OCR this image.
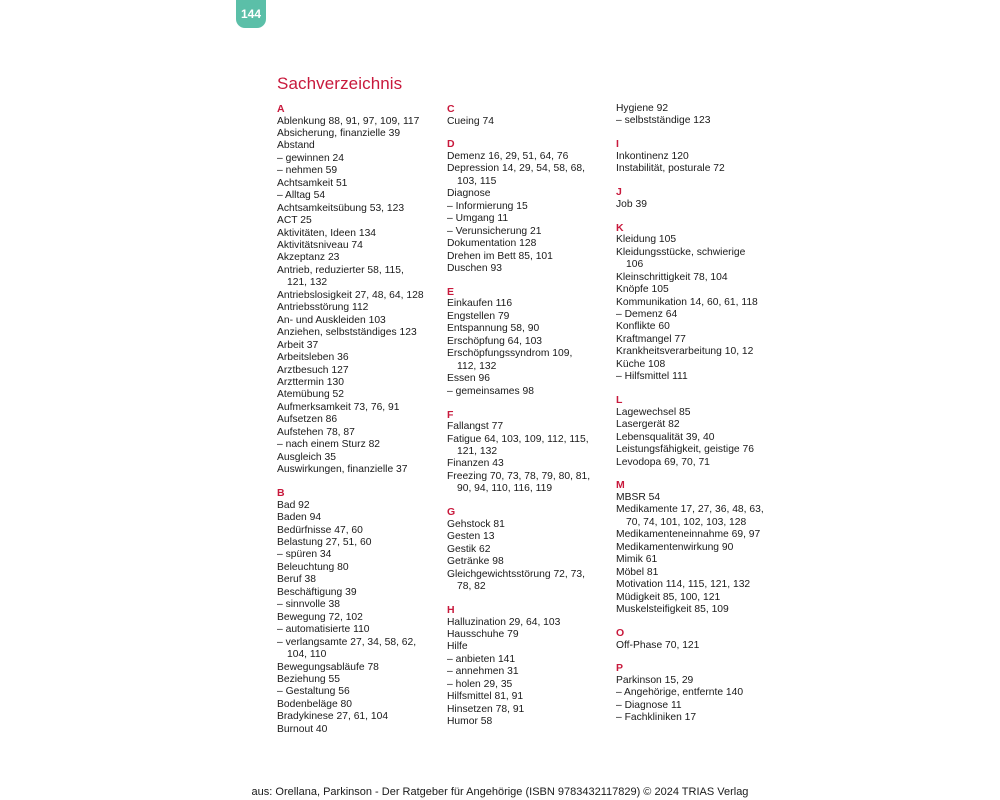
144
Sachverzeichnis
A
Ablenkung 88, 91, 97, 109, 117
Absicherung, finanzielle 39
Abstand
– gewinnen 24
– nehmen 59
Achtsamkeit 51
– Alltag 54
Achtsamkeitsübung 53, 123
ACT 25
Aktivitäten, Ideen 134
Aktivitätsniveau 74
Akzeptanz 23
Antrieb, reduzierter 58, 115,
121, 132
Antriebslosigkeit 27, 48, 64, 128
Antriebsstörung 112
An- und Auskleiden 103
Anziehen, selbstständiges 123
Arbeit 37
Arbeitsleben 36
Arztbesuch 127
Arzttermin 130
Atemübung 52
Aufmerksamkeit 73, 76, 91
Aufsetzen 86
Aufstehen 78, 87
– nach einem Sturz 82
Ausgleich 35
Auswirkungen, finanzielle 37
B
Bad 92
Baden 94
Bedürfnisse 47, 60
Belastung 27, 51, 60
– spüren 34
Beleuchtung 80
Beruf 38
Beschäftigung 39
– sinnvolle 38
Bewegung 72, 102
– automatisierte 110
– verlangsamte 27, 34, 58, 62,
104, 110
Bewegungsabläufe 78
Beziehung 55
– Gestaltung 56
Bodenbeläge 80
Bradykinese 27, 61, 104
Burnout 40
C
Cueing 74
D
Demenz 16, 29, 51, 64, 76
Depression 14, 29, 54, 58, 68,
103, 115
Diagnose
– Informierung 15
– Umgang 11
– Verunsicherung 21
Dokumentation 128
Drehen im Bett 85, 101
Duschen 93
E
Einkaufen 116
Engstellen 79
Entspannung 58, 90
Erschöpfung 64, 103
Erschöpfungssyndrom 109,
112, 132
Essen 96
– gemeinsames 98
F
Fallangst 77
Fatigue 64, 103, 109, 112, 115,
121, 132
Finanzen 43
Freezing 70, 73, 78, 79, 80, 81,
90, 94, 110, 116, 119
G
Gehstock 81
Gesten 13
Gestik 62
Getränke 98
Gleichgewichtsstörung 72, 73,
78, 82
H
Halluzination 29, 64, 103
Hausschuhe 79
Hilfe
– anbieten 141
– annehmen 31
– holen 29, 35
Hilfsmittel 81, 91
Hinsetzen 78, 91
Humor 58
Hygiene 92
– selbstständige 123
I
Inkontinenz 120
Instabilität, posturale 72
J
Job 39
K
Kleidung 105
Kleidungsstücke, schwierige
106
Kleinschrittigkeit 78, 104
Knöpfe 105
Kommunikation 14, 60, 61, 118
– Demenz 64
Konflikte 60
Kraftmangel 77
Krankheitsverarbeitung 10, 12
Küche 108
– Hilfsmittel 111
L
Lagewechsel 85
Lasergerät 82
Lebensqualität 39, 40
Leistungsfähigkeit, geistige 76
Levodopa 69, 70, 71
M
MBSR 54
Medikamente 17, 27, 36, 48, 63,
70, 74, 101, 102, 103, 128
Medikamenteneinnahme 69, 97
Medikamentenwirkung 90
Mimik 61
Möbel 81
Motivation 114, 115, 121, 132
Müdigkeit 85, 100, 121
Muskelsteifigkeit 85, 109
O
Off-Phase 70, 121
P
Parkinson 15, 29
– Angehörige, entfernte 140
– Diagnose 11
– Fachkliniken 17
aus: Orellana, Parkinson - Der Ratgeber für Angehörige (ISBN 9783432117829) © 2024 TRIAS Verlag
